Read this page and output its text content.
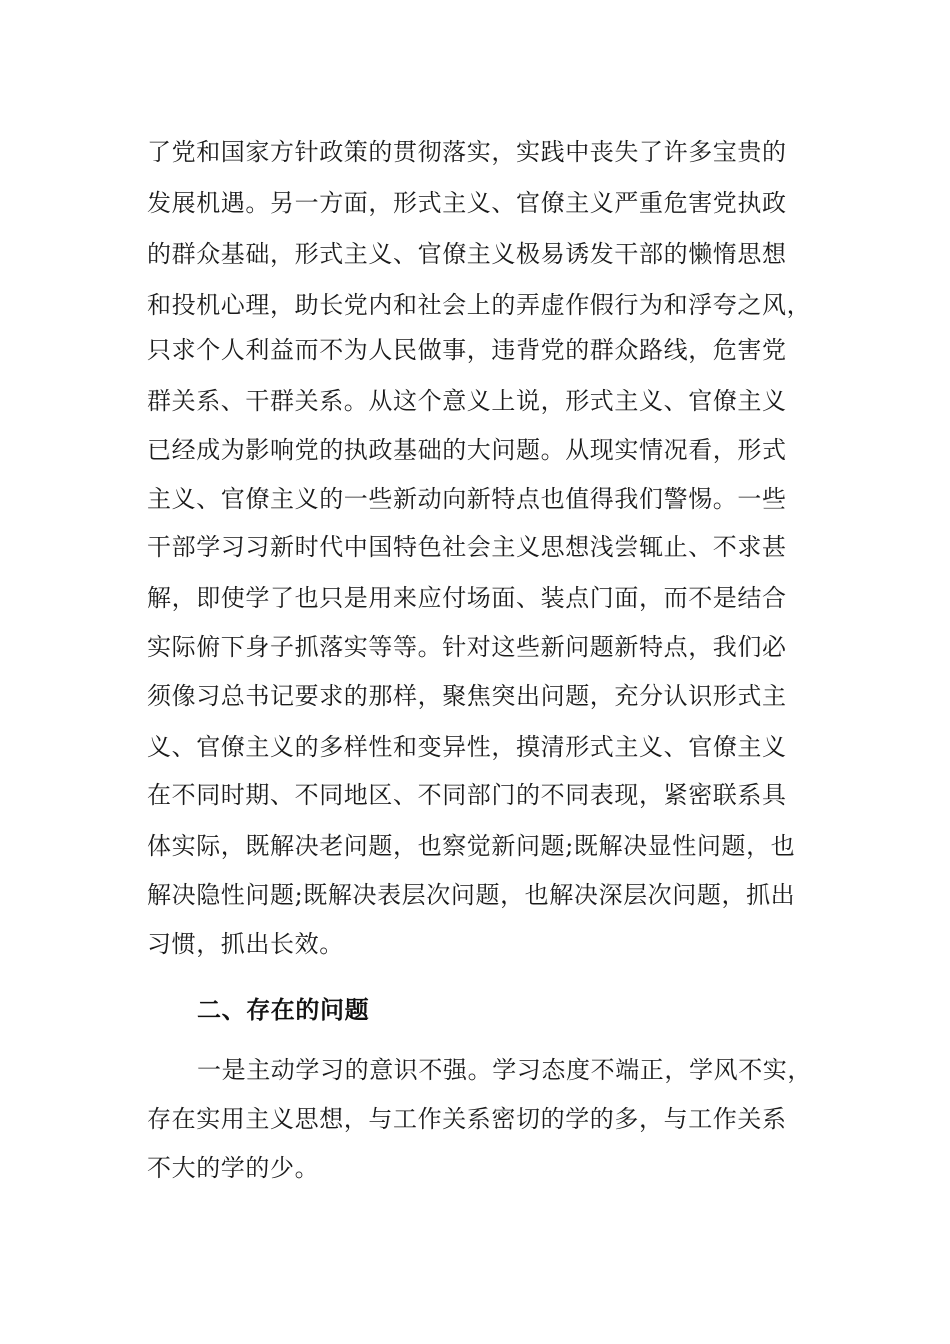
了党和国家方针政策的贯彻落实，实践中丧失了许多宝贵的
发展机遇。另一方面，形式主义、官僚主义严重危害党执政
的群众基础，形式主义、官僚主义极易诱发干部的懒惰思想
和投机心理，助长党内和社会上的弄虚作假行为和浮夸之风，
只求个人利益而不为人民做事，违背党的群众路线，危害党
群关系、干群关系。从这个意义上说，形式主义、官僚主义
已经成为影响党的执政基础的大问题。从现实情况看，形式
主义、官僚主义的一些新动向新特点也值得我们警惕。一些
干部学习习新时代中国特色社会主义思想浅尝辄止、不求甚
解，即使学了也只是用来应付场面、装点门面，而不是结合
实际俯下身子抓落实等等。针对这些新问题新特点，我们必
须像习总书记要求的那样，聚焦突出问题，充分认识形式主
义、官僚主义的多样性和变异性，摸清形式主义、官僚主义
在不同时期、不同地区、不同部门的不同表现，紧密联系具
体实际，既解决老问题，也察觉新问题;既解决显性问题，也
解决隐性问题;既解决表层次问题，也解决深层次问题，抓出
习惯，抓出长效。
二、存在的问题
一是主动学习的意识不强。学习态度不端正，学风不实，
存在实用主义思想，与工作关系密切的学的多，与工作关系
不大的学的少。
